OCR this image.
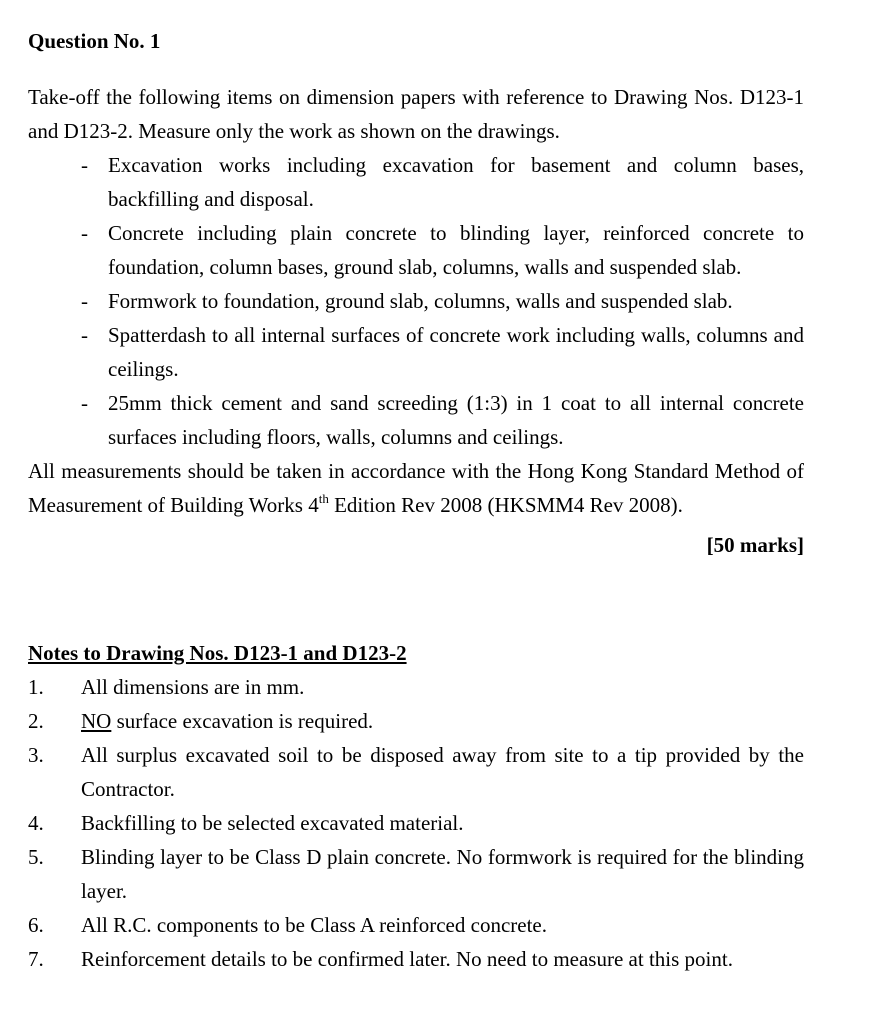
Question No. 1

Take-off the following items on dimension papers with reference to Drawing Nos. D123-1 and D123-2. Measure only the work as shown on the drawings.

- Excavation works including excavation for basement and column bases, backfilling and disposal.
- Concrete including plain concrete to blinding layer, reinforced concrete to foundation, column bases, ground slab, columns, walls and suspended slab.
- Formwork to foundation, ground slab, columns, walls and suspended slab.
- Spatterdash to all internal surfaces of concrete work including walls, columns and ceilings.
- 25mm thick cement and sand screeding (1:3) in 1 coat to all internal concrete surfaces including floors, walls, columns and ceilings.

All measurements should be taken in accordance with the Hong Kong Standard Method of Measurement of Building Works 4th Edition Rev 2008 (HKSMM4 Rev 2008).

[50 marks]
Notes to Drawing Nos. D123-1 and D123-2
1. All dimensions are in mm.
2. NO surface excavation is required.
3. All surplus excavated soil to be disposed away from site to a tip provided by the Contractor.
4. Backfilling to be selected excavated material.
5. Blinding layer to be Class D plain concrete. No formwork is required for the blinding layer.
6. All R.C. components to be Class A reinforced concrete.
7. Reinforcement details to be confirmed later. No need to measure at this point.
